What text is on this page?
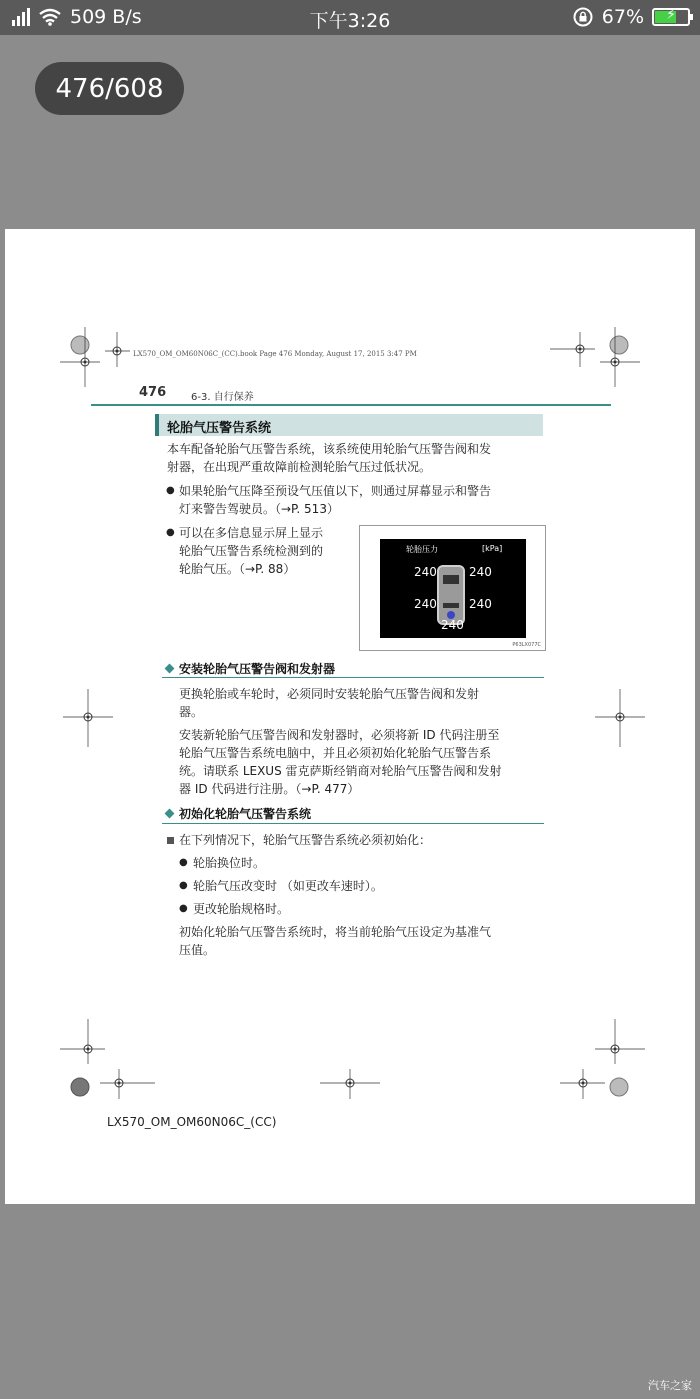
509 B/s	下午3:26	67%	⚡
476/608
LX570_OM_OM60N06C_(CC).book Page 476 Monday, August 17, 2015 3:47 PM
476 6-3. 自行保养
轮胎气压警告系统
本车配备轮胎气压警告系统，该系统使用轮胎气压警告阀和发
射器，在出现严重故障前检测轮胎气压过低状况。
● 如果轮胎气压降至预设气压值以下，则通过屏幕显示和警告
灯来警告驾驶员。（→P. 513）
● 可以在多信息显示屏上显示
轮胎气压警告系统检测到的
轮胎气压。（→P. 88）
轮胎压力	[kPa]
240	240
240	240
240
P63LX077C
安装轮胎气压警告阀和发射器
更换轮胎或车轮时，必须同时安装轮胎气压警告阀和发射
器。
安装新轮胎气压警告阀和发射器时，必须将新 ID 代码注册至
轮胎气压警告系统电脑中，并且必须初始化轮胎气压警告系
统。请联系 LEXUS 雷克萨斯经销商对轮胎气压警告阀和发射
器 ID 代码进行注册。（→P. 477）
初始化轮胎气压警告系统
在下列情况下，轮胎气压警告系统必须初始化：
● 轮胎换位时。
● 轮胎气压改变时 （如更改车速时）。
● 更改轮胎规格时。
初始化轮胎气压警告系统时，将当前轮胎气压设定为基准气
压值。
LX570_OM_OM60N06C_(CC)
汽车之家
